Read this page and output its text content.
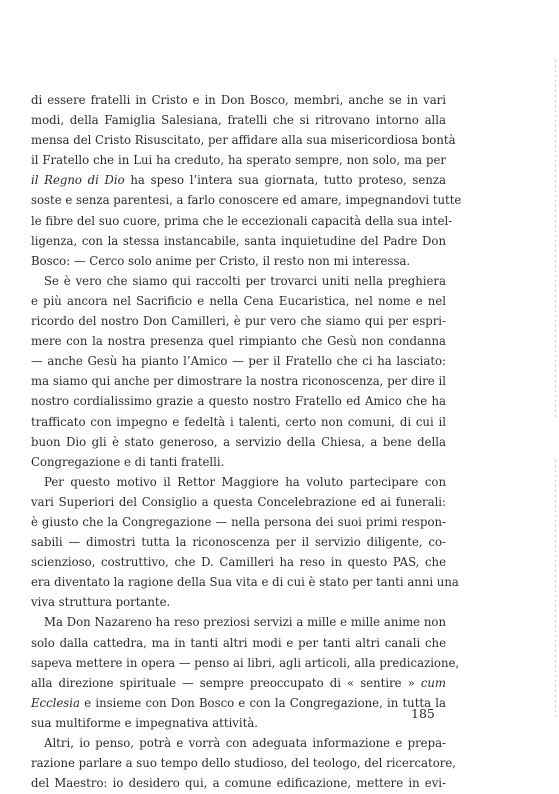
di essere fratelli in Cristo e in Don Bosco, membri, anche se in vari
modi, della Famiglia Salesiana, fratelli che si ritrovano intorno alla
mensa del Cristo Risuscitato, per affidare alla sua misericordiosa bontà
il Fratello che in Lui ha creduto, ha sperato sempre, non solo, ma per
il Regno di Dio ha speso l’intera sua giornata, tutto proteso, senza
soste e senza parentesi, a farlo conoscere ed amare, impegnandovi tutte
le fibre del suo cuore, prima che le eccezionali capacità della sua intel-
ligenza, con la stessa instancabile, santa inquietudine del Padre Don
Bosco: — Cerco solo anime per Cristo, il resto non mi interessa.
Se è vero che siamo qui raccolti per trovarci uniti nella preghiera
e più ancora nel Sacrificio e nella Cena Eucaristica, nel nome e nel
ricordo del nostro Don Camilleri, è pur vero che siamo qui per espri-
mere con la nostra presenza quel rimpianto che Gesù non condanna
— anche Gesù ha pianto l’Amico — per il Fratello che ci ha lasciato:
ma siamo qui anche per dimostrare la nostra riconoscenza, per dire il
nostro cordialissimo grazie a questo nostro Fratello ed Amico che ha
trafficato con impegno e fedeltà i talenti, certo non comuni, di cui il
buon Dio gli è stato generoso, a servizio della Chiesa, a bene della
Congregazione e di tanti fratelli.
Per questo motivo il Rettor Maggiore ha voluto partecipare con
vari Superiori del Consiglio a questa Concelebrazione ed ai funerali:
è giusto che la Congregazione — nella persona dei suoi primi respon-
sabili — dimostri tutta la riconoscenza per il servizio diligente, co-
scienzioso, costruttivo, che D. Camilleri ha reso in questo PAS, che
era diventato la ragione della Sua vita e di cui è stato per tanti anni una
viva struttura portante.
Ma Don Nazareno ha reso preziosi servizi a mille e mille anime non
solo dalla cattedra, ma in tanti altri modi e per tanti altri canali che
sapeva mettere in opera — penso ai libri, agli articoli, alla predicazione,
alla direzione spirituale — sempre preoccupato di « sentire » cum
Ecclesia e insieme con Don Bosco e con la Congregazione, in tutta la
sua multiforme e impegnativa attività.
Altri, io penso, potrà e vorrà con adeguata informazione e prepa-
razione parlare a suo tempo dello studioso, del teologo, del ricercatore,
del Maestro: io desidero qui, a comune edificazione, mettere in evi-
185
